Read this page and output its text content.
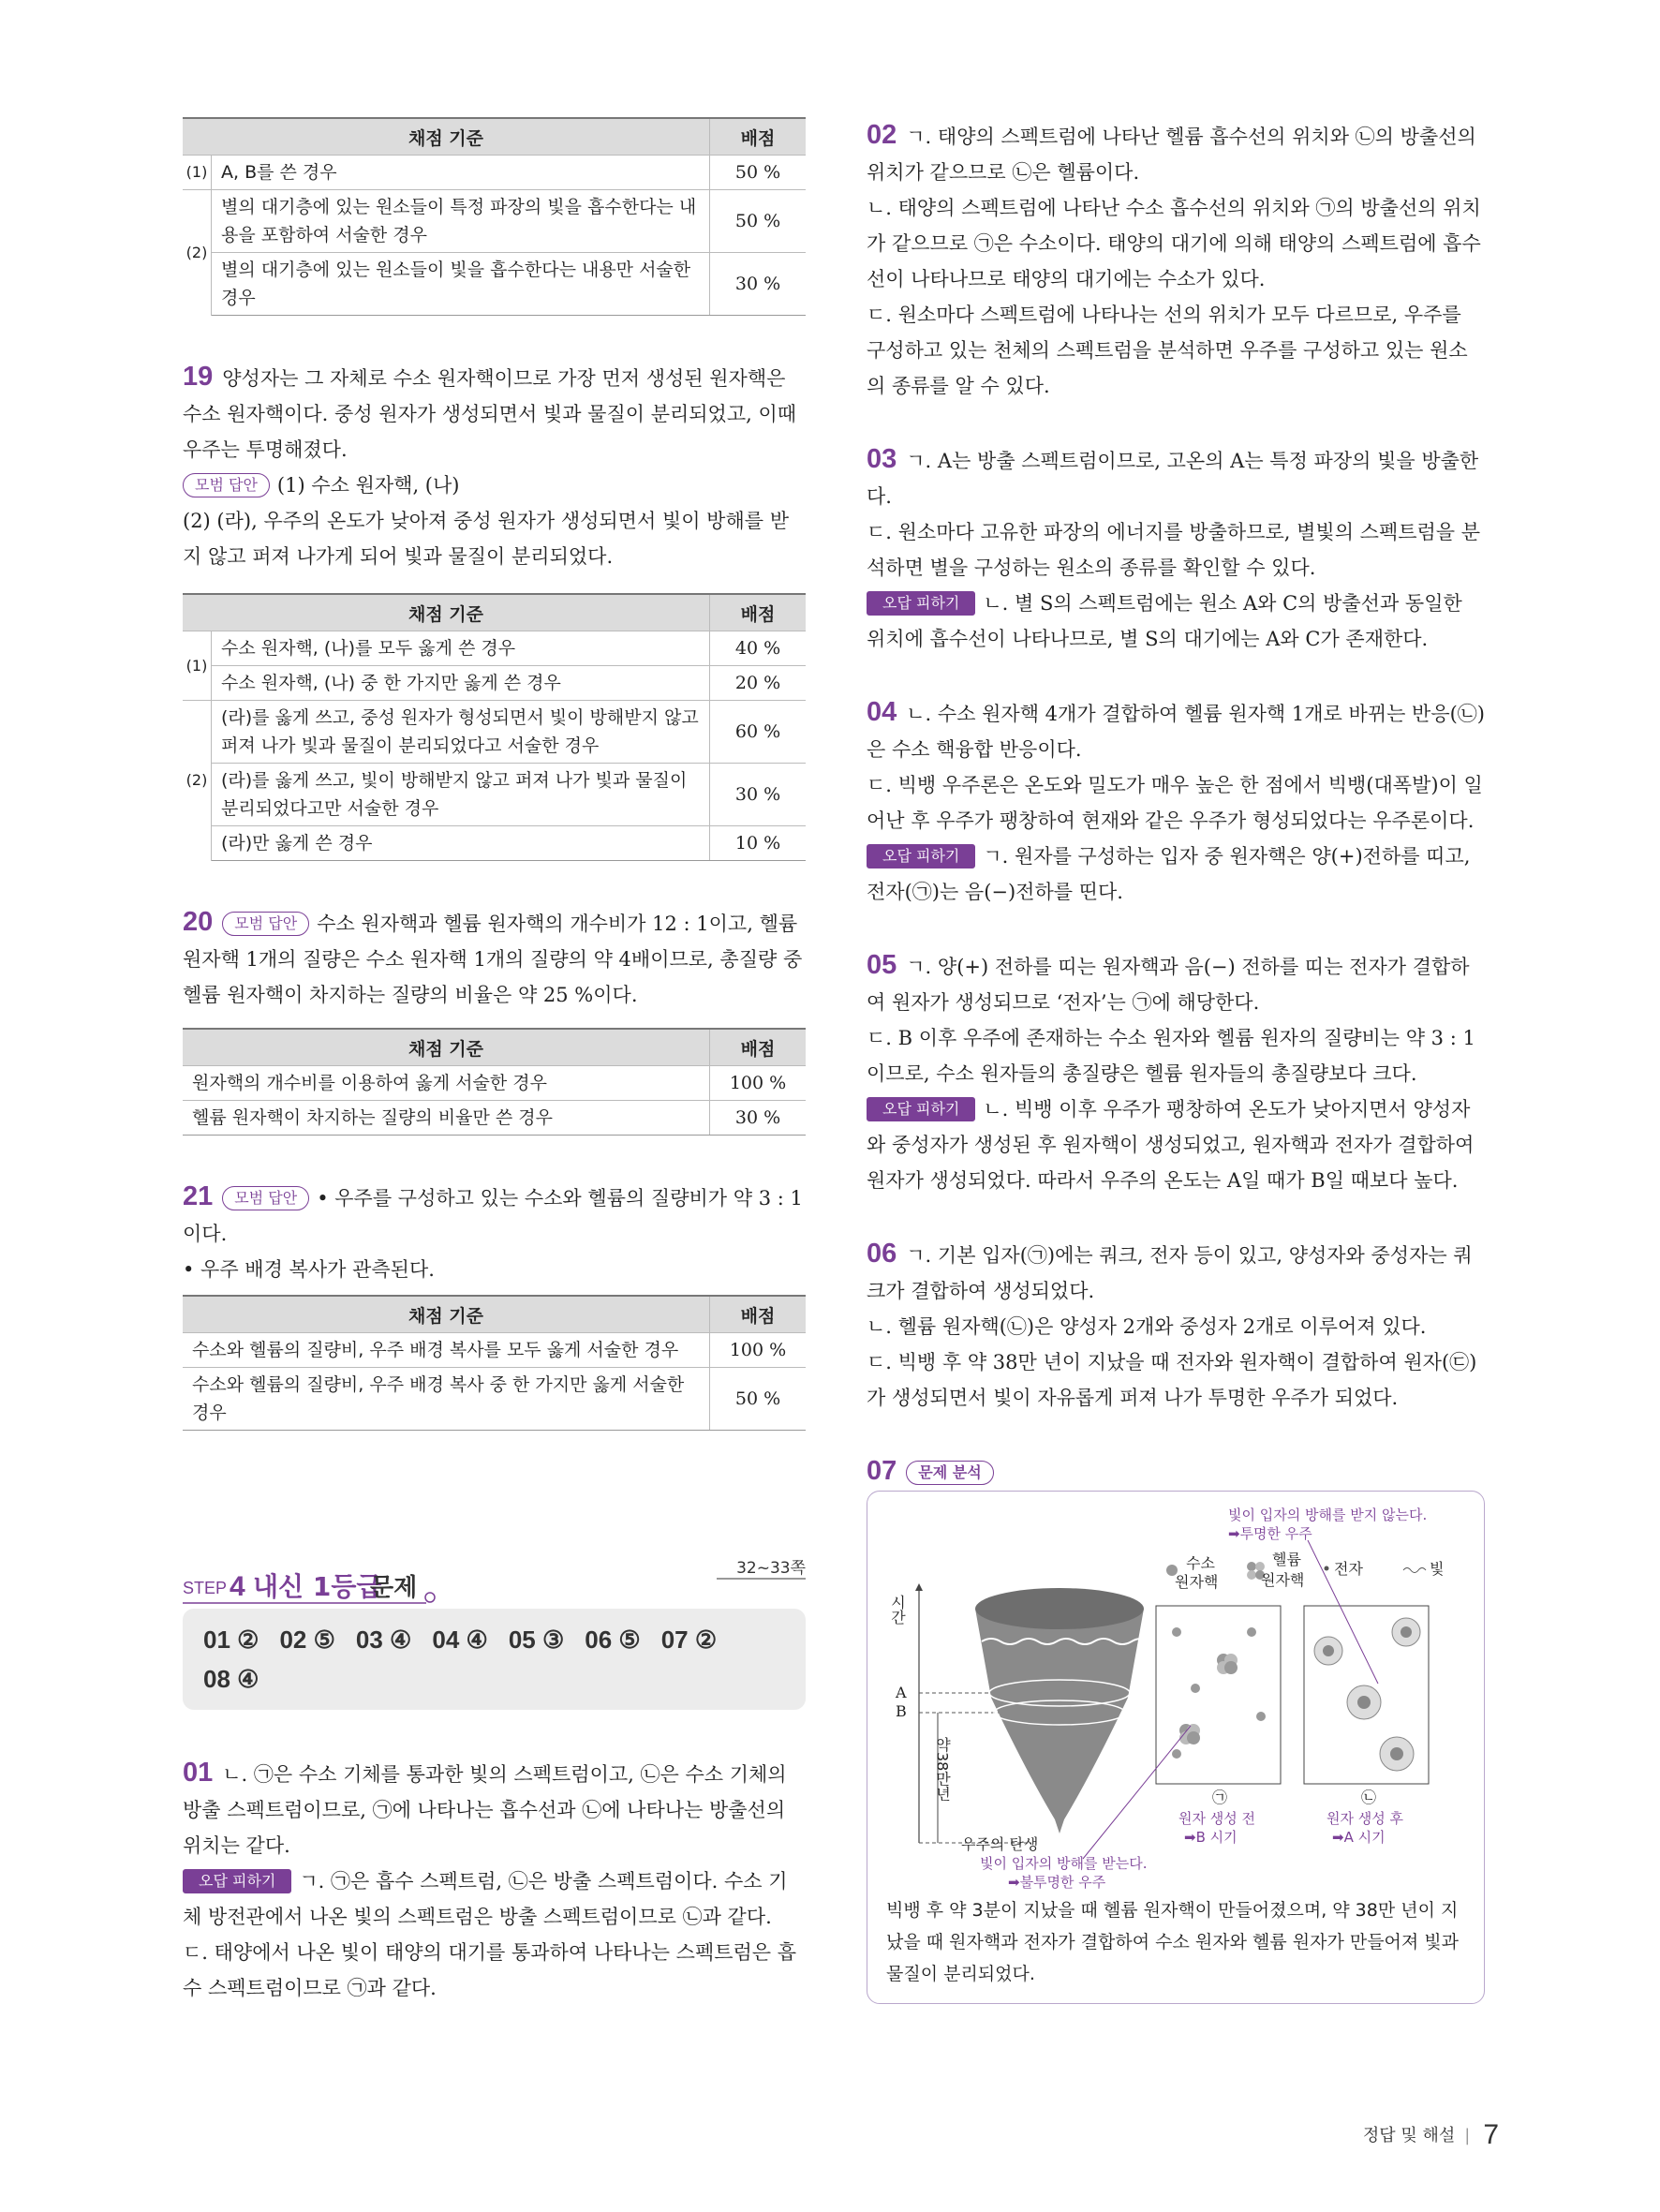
채점 기준		배점
(1)	A, B를 쓴 경우	50 %
(2)	별의 대기층에 있는 원소들이 특정 파장의 빛을 흡수한다는 내용을 포함하여 서술한 경우	50 %
	별의 대기층에 있는 원소들이 빛을 흡수한다는 내용만 서술한 경우	30 %

19 양성자는 그 자체로 수소 원자핵이므로 가장 먼저 생성된 원자핵은 수소 원자핵이다. 중성 원자가 생성되면서 빛과 물질이 분리되었고, 이때 우주는 투명해졌다.

모범 답안 (1) 수소 원자핵, (나)

(2) (라), 우주의 온도가 낮아져 중성 원자가 생성되면서 빛이 방해를 받지 않고 퍼져 나가게 되어 빛과 물질이 분리되었다.

채점 기준		배점
(1)	수소 원자핵, (나)를 모두 옳게 쓴 경우	40 %
	수소 원자핵, (나) 중 한 가지만 옳게 쓴 경우	20 %
(2)	(라)를 옳게 쓰고, 중성 원자가 형성되면서 빛이 방해받지 않고 퍼져 나가 빛과 물질이 분리되었다고 서술한 경우	60 %
	(라)를 옳게 쓰고, 빛이 방해받지 않고 퍼져 나가 빛과 물질이 분리되었다고만 서술한 경우	30 %
	(라)만 옳게 쓴 경우	10 %

20 모범 답안 수소 원자핵과 헬륨 원자핵의 개수비가 12 : 1이고, 헬륨 원자핵 1개의 질량은 수소 원자핵 1개의 질량의 약 4배이므로, 총질량 중 헬륨 원자핵이 차지하는 질량의 비율은 약 25 %이다.

채점 기준	배점
원자핵의 개수비를 이용하여 옳게 서술한 경우	100 %
헬륨 원자핵이 차지하는 질량의 비율만 쓴 경우	30 %

21 모범 답안 • 우주를 구성하고 있는 수소와 헬륨의 질량비가 약 3 : 1이다.

• 우주 배경 복사가 관측된다.

채점 기준	배점
수소와 헬륨의 질량비, 우주 배경 복사를 모두 옳게 서술한 경우	100 %
수소와 헬륨의 질량비, 우주 배경 복사 중 한 가지만 옳게 서술한 경우	50 %
STEP 4 내신 1등급
문제
32~33쪽
01 ② 02 ⑤ 03 ④ 04 ④ 05 ③ 06 ⑤ 07 ②
08 ④

01 ㄴ. ㉠은 수소 기체를 통과한 빛의 스펙트럼이고, ㉡은 수소 기체의 방출 스펙트럼이므로, ㉠에 나타나는 흡수선과 ㉡에 나타나는 방출선의 위치는 같다.

오답 피하기 ㄱ. ㉠은 흡수 스펙트럼, ㉡은 방출 스펙트럼이다. 수소 기체 방전관에서 나온 빛의 스펙트럼은 방출 스펙트럼이므로 ㉡과 같다.

ㄷ. 태양에서 나온 빛이 태양의 대기를 통과하여 나타나는 스펙트럼은 흡수 스펙트럼이므로 ㉠과 같다.

02 ㄱ. 태양의 스펙트럼에 나타난 헬륨 흡수선의 위치와 ㉡의 방출선의 위치가 같으므로 ㉡은 헬륨이다.

ㄴ. 태양의 스펙트럼에 나타난 수소 흡수선의 위치와 ㉠의 방출선의 위치가 같으므로 ㉠은 수소이다. 태양의 대기에 의해 태양의 스펙트럼에 흡수선이 나타나므로 태양의 대기에는 수소가 있다.

ㄷ. 원소마다 스펙트럼에 나타나는 선의 위치가 모두 다르므로, 우주를 구성하고 있는 천체의 스펙트럼을 분석하면 우주를 구성하고 있는 원소의 종류를 알 수 있다.

03 ㄱ. A는 방출 스펙트럼이므로, 고온의 A는 특정 파장의 빛을 방출한다.

ㄷ. 원소마다 고유한 파장의 에너지를 방출하므로, 별빛의 스펙트럼을 분석하면 별을 구성하는 원소의 종류를 확인할 수 있다.

오답 피하기 ㄴ. 별 S의 스펙트럼에는 원소 A와 C의 방출선과 동일한 위치에 흡수선이 나타나므로, 별 S의 대기에는 A와 C가 존재한다.

04 ㄴ. 수소 원자핵 4개가 결합하여 헬륨 원자핵 1개로 바뀌는 반응(㉡)은 수소 핵융합 반응이다.

ㄷ. 빅뱅 우주론은 온도와 밀도가 매우 높은 한 점에서 빅뱅(대폭발)이 일어난 후 우주가 팽창하여 현재와 같은 우주가 형성되었다는 우주론이다.

오답 피하기 ㄱ. 원자를 구성하는 입자 중 원자핵은 양(+)전하를 띠고, 전자(㉠)는 음(−)전하를 띤다.

05 ㄱ. 양(+) 전하를 띠는 원자핵과 음(−) 전하를 띠는 전자가 결합하여 원자가 생성되므로 ‘전자’는 ㉠에 해당한다.

ㄷ. B 이후 우주에 존재하는 수소 원자와 헬륨 원자의 질량비는 약 3 : 1이므로, 수소 원자들의 총질량은 헬륨 원자들의 총질량보다 크다.

오답 피하기 ㄴ. 빅뱅 이후 우주가 팽창하여 온도가 낮아지면서 양성자와 중성자가 생성된 후 원자핵이 생성되었고, 원자핵과 전자가 결합하여 원자가 생성되었다. 따라서 우주의 온도는 A일 때가 B일 때보다 높다.

06 ㄱ. 기본 입자(㉠)에는 쿼크, 전자 등이 있고, 양성자와 중성자는 쿼크가 결합하여 생성되었다.

ㄴ. 헬륨 원자핵(㉡)은 양성자 2개와 중성자 2개로 이루어져 있다.

ㄷ. 빅뱅 후 약 38만 년이 지났을 때 전자와 원자핵이 결합하여 원자(㉢)가 생성되면서 빛이 자유롭게 퍼져 나가 투명한 우주가 되었다.

07 문제 분석

빛이 입자의 방해를 받지 않는다.
➡투명한 우주
수소
원자핵
헬륨
원자핵
전자	빛
시간
A
B
약38만년
우주의 탄생
㉠
원자 생성 전
➡B 시기
㉡
원자 생성 후
➡A 시기
빛이 입자의 방해를 받는다.
➡불투명한 우주
빅뱅 후 약 3분이 지났을 때 헬륨 원자핵이 만들어졌으며, 약 38만 년이 지났을 때 원자핵과 전자가 결합하여 수소 원자와 헬륨 원자가 만들어져 빛과 물질이 분리되었다.
정답 및 해설 | 7
